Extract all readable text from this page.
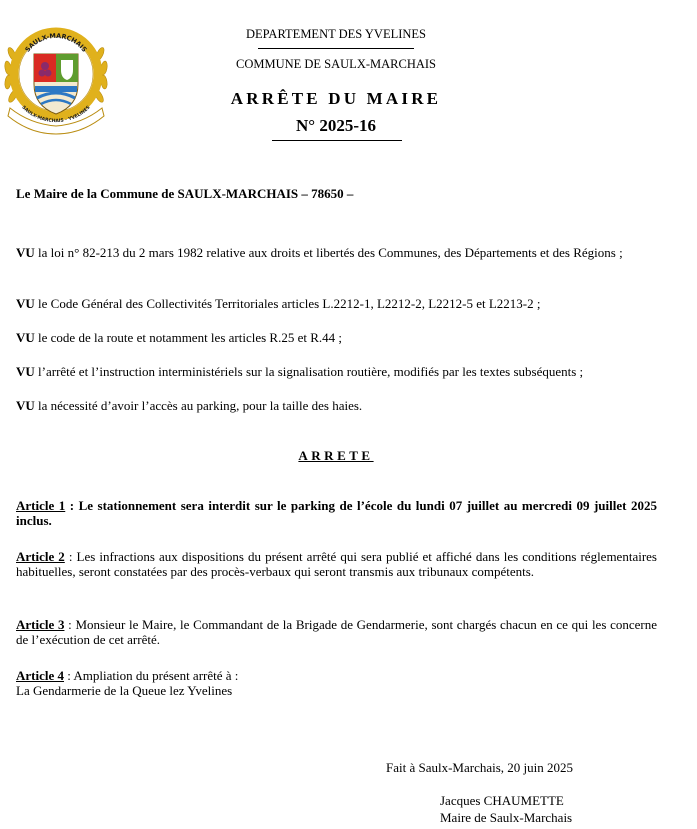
SAULX-MARCHAIS
SAULX-MARCHAIS · YVELINES
DEPARTEMENT DES YVELINES
COMMUNE DE SAULX-MARCHAIS
ARRÊTE DU MAIRE
N° 2025-16
Le Maire de la Commune de SAULX-MARCHAIS – 78650 –
VU la loi n° 82-213 du 2 mars 1982 relative aux droits et libertés des Communes, des Départements et des Régions ;
VU le Code Général des Collectivités Territoriales articles L.2212-1, L2212-2, L2212-5 et L2213-2 ;
VU le code de la route et notamment les articles R.25 et R.44 ;
VU l’arrêté et l’instruction interministériels sur la signalisation routière, modifiés par les textes subséquents ;
VU la nécessité d’avoir l’accès au parking, pour la taille des haies.
ARRETE
Article 1 : Le stationnement sera interdit sur le parking de l’école du lundi 07 juillet au mercredi 09 juillet 2025 inclus.
Article 2 : Les infractions aux dispositions du présent arrêté qui sera publié et affiché dans les conditions réglementaires habituelles, seront constatées par des procès-verbaux qui seront transmis aux tribunaux compétents.
Article 3 : Monsieur le Maire, le Commandant de la Brigade de Gendarmerie, sont chargés chacun en ce qui les concerne de l’exécution de cet arrêté.
Article 4 : Ampliation du présent arrêté à :
La Gendarmerie de la Queue lez Yvelines
Fait à Saulx-Marchais, 20 juin 2025
Jacques CHAUMETTE
Maire de Saulx-Marchais
